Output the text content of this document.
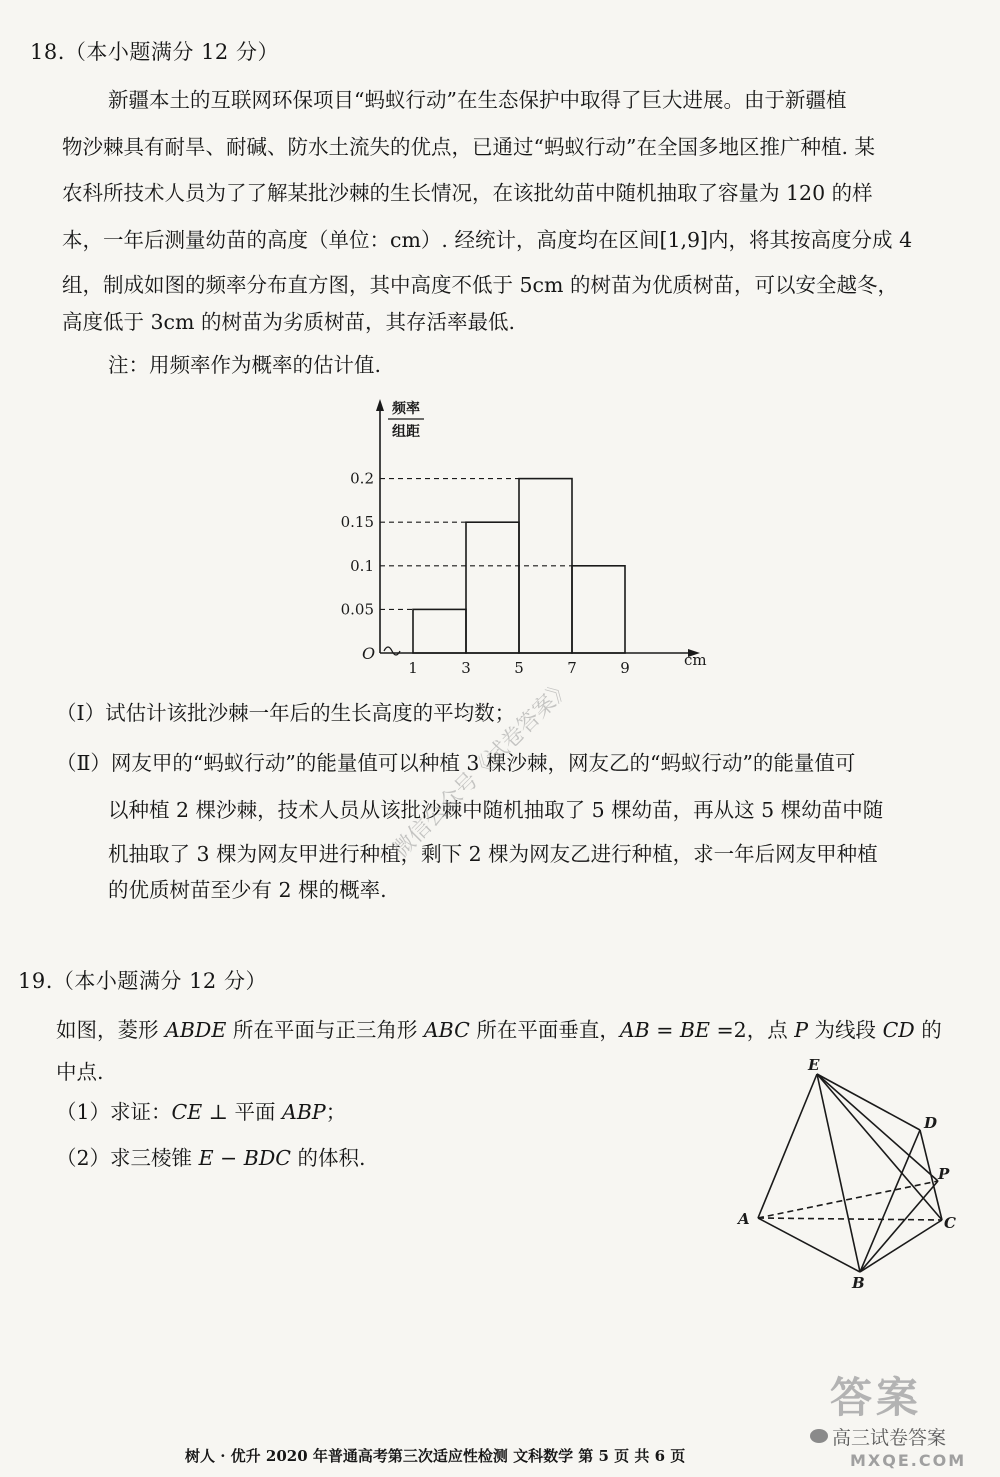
18.（本小题满分 12 分）
新疆本土的互联网环保项目“蚂蚁行动”在生态保护中取得了巨大进展。由于新疆植
物沙棘具有耐旱、耐碱、防水土流失的优点，已通过“蚂蚁行动”在全国多地区推广种植. 某
农科所技术人员为了了解某批沙棘的生长情况，在该批幼苗中随机抽取了容量为 120 的样
本，一年后测量幼苗的高度（单位：cm）. 经统计，高度均在区间[1,9]内，将其按高度分成 4
组，制成如图的频率分布直方图，其中高度不低于 5cm 的树苗为优质树苗，可以安全越冬，
高度低于 3cm 的树苗为劣质树苗，其存活率最低.
注：用频率作为概率的估计值.
0.05
0.1
0.15
0.2
1	3	5	7	9
O	cm
频率
组距
（Ⅰ）试估计该批沙棘一年后的生长高度的平均数；
（Ⅱ）网友甲的“蚂蚁行动”的能量值可以种植 3 棵沙棘，网友乙的“蚂蚁行动”的能量值可
以种植 2 棵沙棘，技术人员从该批沙棘中随机抽取了 5 棵幼苗，再从这 5 棵幼苗中随
机抽取了 3 棵为网友甲进行种植，剩下 2 棵为网友乙进行种植，求一年后网友甲种植
的优质树苗至少有 2 棵的概率.
19.（本小题满分 12 分）
如图，菱形 ABDE 所在平面与正三角形 ABC 所在平面垂直，AB = BE =2，点 P 为线段 CD 的
中点.
（1）求证：CE ⊥ 平面 ABP；
（2）求三棱锥 E − BDC 的体积.
E
D
P
A	C
B
微信公众号《试卷答案》
答案
高三试卷答案
MXQE.COM
树人 · 优升 2020 年普通高考第三次适应性检测 文科数学 第 5 页 共 6 页
